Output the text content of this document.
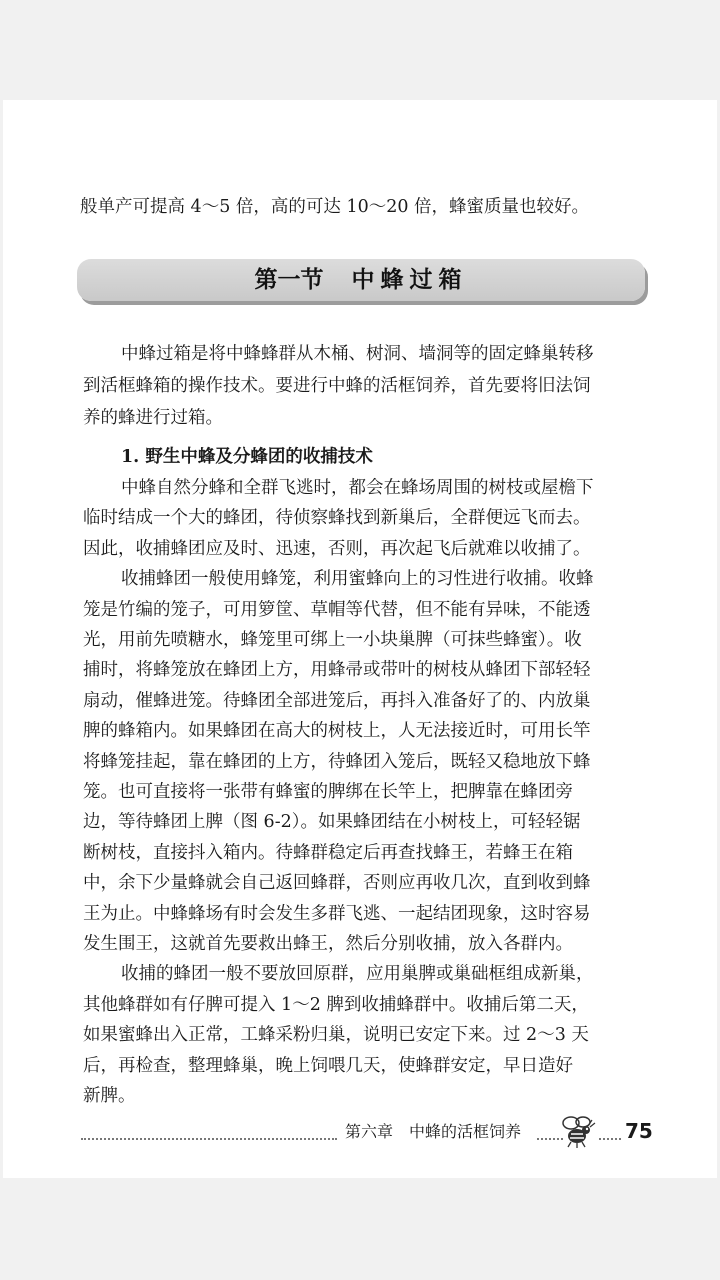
般单产可提高 4～5 倍，高的可达 10～20 倍，蜂蜜质量也较好。
第一节 中蜂过箱
中蜂过箱是将中蜂蜂群从木桶、树洞、墙洞等的固定蜂巢转移
到活框蜂箱的操作技术。要进行中蜂的活框饲养，首先要将旧法饲
养的蜂进行过箱。
1. 野生中蜂及分蜂团的收捕技术
中蜂自然分蜂和全群飞逃时，都会在蜂场周围的树枝或屋檐下
临时结成一个大的蜂团，待侦察蜂找到新巢后，全群便远飞而去。
因此，收捕蜂团应及时、迅速，否则，再次起飞后就难以收捕了。
收捕蜂团一般使用蜂笼，利用蜜蜂向上的习性进行收捕。收蜂
笼是竹编的笼子，可用箩筐、草帽等代替，但不能有异味，不能透
光，用前先喷糖水，蜂笼里可绑上一小块巢脾（可抹些蜂蜜）。收
捕时，将蜂笼放在蜂团上方，用蜂帚或带叶的树枝从蜂团下部轻轻
扇动，催蜂进笼。待蜂团全部进笼后，再抖入准备好了的、内放巢
脾的蜂箱内。如果蜂团在高大的树枝上，人无法接近时，可用长竿
将蜂笼挂起，靠在蜂团的上方，待蜂团入笼后，既轻又稳地放下蜂
笼。也可直接将一张带有蜂蜜的脾绑在长竿上，把脾靠在蜂团旁
边，等待蜂团上脾（图 6-2）。如果蜂团结在小树枝上，可轻轻锯
断树枝，直接抖入箱内。待蜂群稳定后再查找蜂王，若蜂王在箱
中，余下少量蜂就会自己返回蜂群，否则应再收几次，直到收到蜂
王为止。中蜂蜂场有时会发生多群飞逃、一起结团现象，这时容易
发生围王，这就首先要救出蜂王，然后分别收捕，放入各群内。
收捕的蜂团一般不要放回原群，应用巢脾或巢础框组成新巢，
其他蜂群如有仔脾可提入 1～2 脾到收捕蜂群中。收捕后第二天，
如果蜜蜂出入正常，工蜂采粉归巢，说明已安定下来。过 2～3 天
后，再检查，整理蜂巢，晚上饲喂几天，使蜂群安定，早日造好
第六章　中蜂的活框饲养	75
新脾。
